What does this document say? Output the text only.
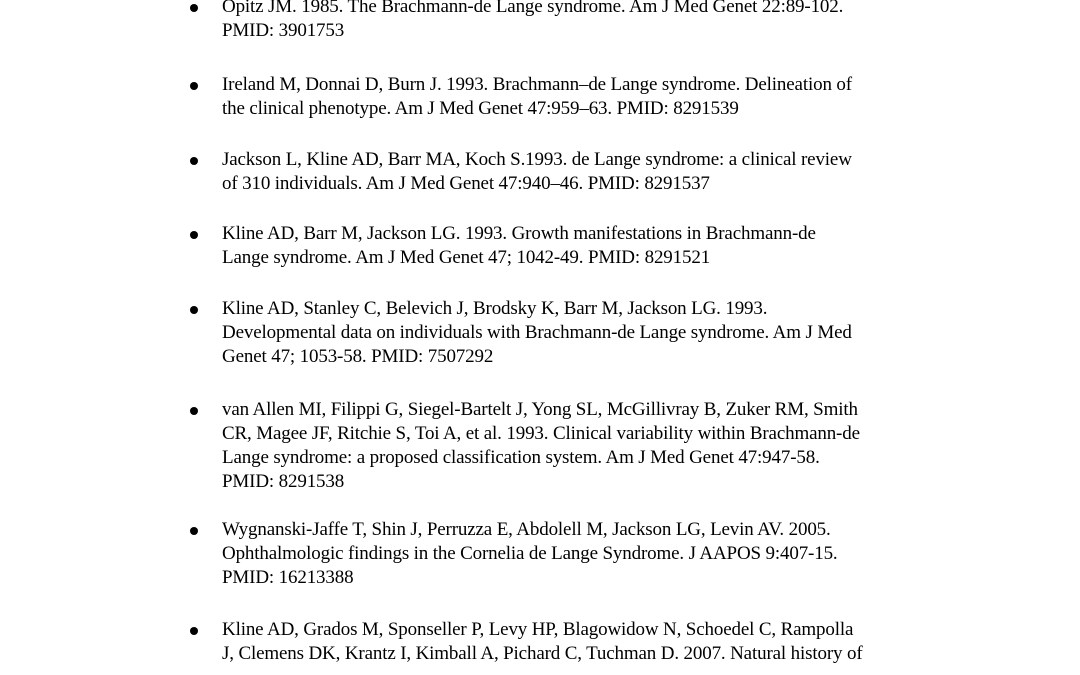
Opitz JM. 1985. The Brachmann-de Lange syndrome. Am J Med Genet 22:89-102.
PMID: 3901753
Ireland M, Donnai D, Burn J. 1993. Brachmann–de Lange syndrome. Delineation of
the clinical phenotype. Am J Med Genet 47:959–63. PMID: 8291539
Jackson L, Kline AD, Barr MA, Koch S.1993. de Lange syndrome: a clinical review
of 310 individuals. Am J Med Genet 47:940–46. PMID: 8291537
Kline AD, Barr M, Jackson LG. 1993. Growth manifestations in Brachmann-de
Lange syndrome. Am J Med Genet 47; 1042-49. PMID: 8291521
Kline AD, Stanley C, Belevich J, Brodsky K, Barr M, Jackson LG. 1993.
Developmental data on individuals with Brachmann-de Lange syndrome. Am J Med
Genet 47; 1053-58. PMID: 7507292
van Allen MI, Filippi G, Siegel-Bartelt J, Yong SL, McGillivray B, Zuker RM, Smith
CR, Magee JF, Ritchie S, Toi A, et al. 1993. Clinical variability within Brachmann-de
Lange syndrome: a proposed classification system. Am J Med Genet 47:947-58.
PMID: 8291538
Wygnanski-Jaffe T, Shin J, Perruzza E, Abdolell M, Jackson LG, Levin AV. 2005.
Ophthalmologic findings in the Cornelia de Lange Syndrome. J AAPOS 9:407-15.
PMID: 16213388
Kline AD, Grados M, Sponseller P, Levy HP, Blagowidow N, Schoedel C, Rampolla
J, Clemens DK, Krantz I, Kimball A, Pichard C, Tuchman D. 2007. Natural history of
